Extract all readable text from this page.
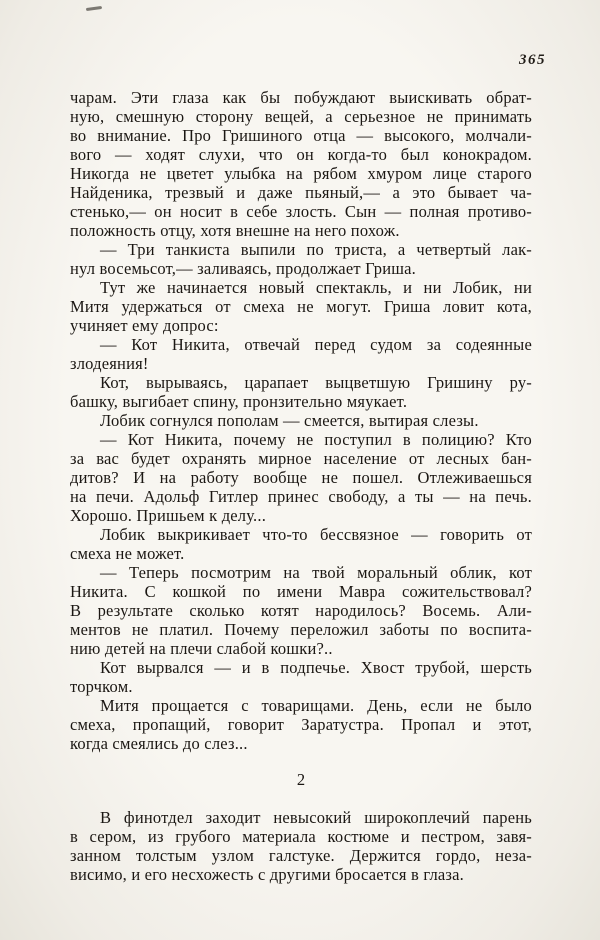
365
чарам. Эти глаза как бы побуждают выискивать обрат-
ную, смешную сторону вещей, а серьезное не принимать
во внимание. Про Гришиного отца — высокого, молчали-
вого — ходят слухи, что он когда-то был конокрадом.
Никогда не цветет улыбка на рябом хмуром лице старого
Найденика, трезвый и даже пьяный,— а это бывает ча-
стенько,— он носит в себе злость. Сын — полная противо-
положность отцу, хотя внешне на него похож.
— Три танкиста выпили по триста, а четвертый лак-
нул восемьсот,— заливаясь, продолжает Гриша.
Тут же начинается новый спектакль, и ни Лобик, ни
Митя удержаться от смеха не могут. Гриша ловит кота,
учиняет ему допрос:
— Кот Никита, отвечай перед судом за содеянные
злодеяния!
Кот, вырываясь, царапает выцветшую Гришину ру-
башку, выгибает спину, пронзительно мяукает.
Лобик согнулся пополам — смеется, вытирая слезы.
— Кот Никита, почему не поступил в полицию? Кто
за вас будет охранять мирное население от лесных бан-
дитов? И на работу вообще не пошел. Отлеживаешься
на печи. Адольф Гитлер принес свободу, а ты — на печь.
Хорошо. Пришьем к делу...
Лобик выкрикивает что-то бессвязное — говорить от
смеха не может.
— Теперь посмотрим на твой моральный облик, кот
Никита. С кошкой по имени Мавра сожительствовал?
В результате сколько котят народилось? Восемь. Али-
ментов не платил. Почему переложил заботы по воспита-
нию детей на плечи слабой кошки?..
Кот вырвался — и в подпечье. Хвост трубой, шерсть
торчком.
Митя прощается с товарищами. День, если не было
смеха, пропащий, говорит Заратустра. Пропал и этот,
когда смеялись до слез...
2
В финотдел заходит невысокий широкоплечий парень
в сером, из грубого материала костюме и пестром, завя-
занном толстым узлом галстуке. Держится гордо, неза-
висимо, и его несхожесть с другими бросается в глаза.
